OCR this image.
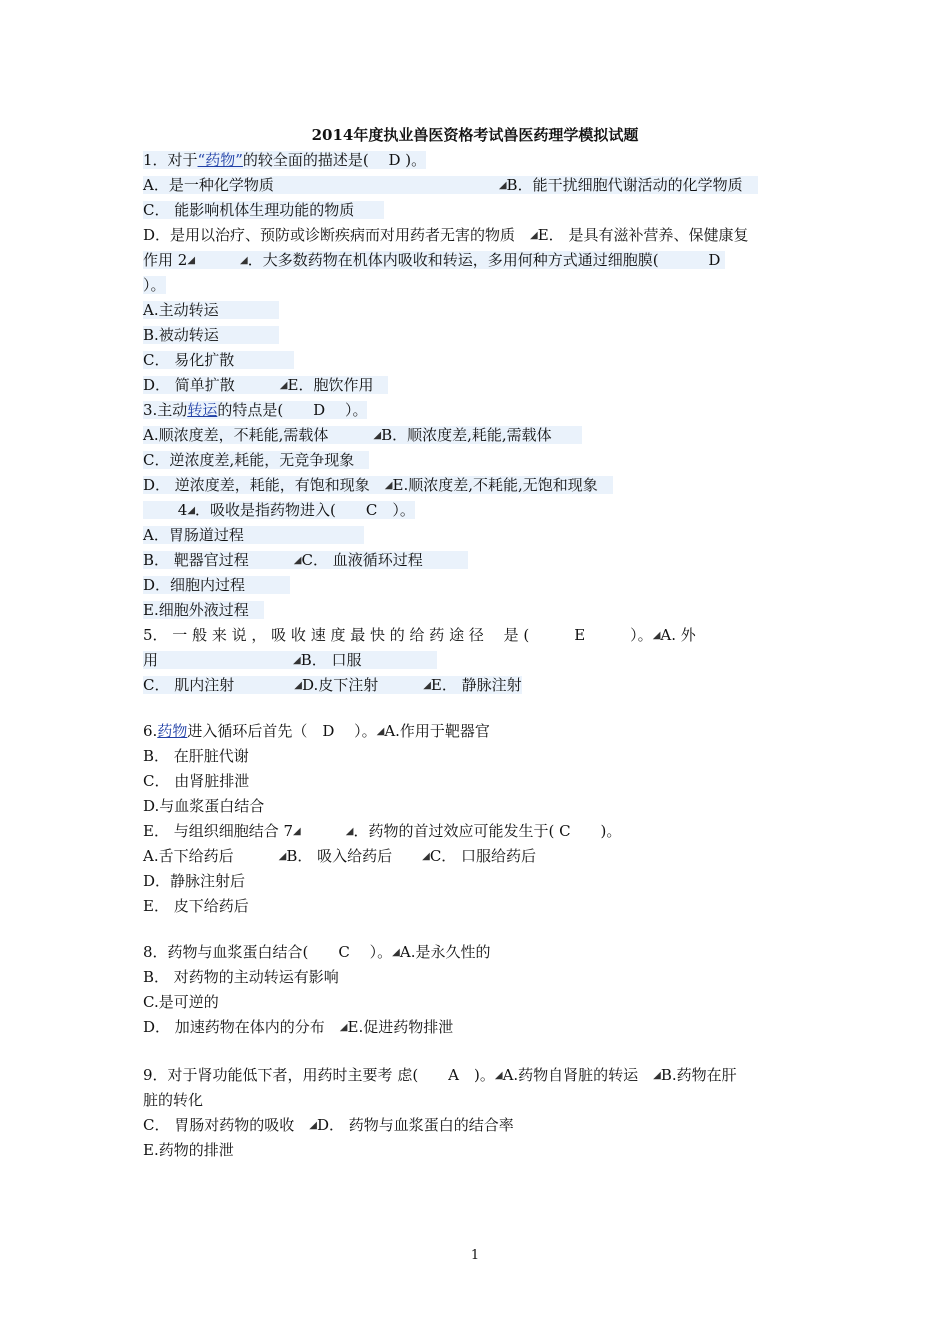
2014年度执业兽医资格考试兽医药理学模拟试题
1．对于“药物”的较全面的描述是(　 D )。
A．是一种化学物质　　　　　　　　　　　　　　　◢B．能干扰细胞代谢活动的化学物质　
C． 能影响机体生理功能的物质　　
D．是用以治疗、预防或诊断疾病而对用药者无害的物质　◢E． 是具有滋补营养、保健康复
作用 2◢　　　	◢．大多数药物在机体内吸收和转运，多用何种方式通过细胞膜(　　　 D
）。
A.主动转运　　　　
B.被动转运　　　　
C． 易化扩散　　　　
D． 简单扩散　　　◢E．胞饮作用　
3.主动转运的特点是(　　D　 ）。
A.顺浓度差，不耗能,需载体　　　◢B．顺浓度差,耗能,需载体　　
C．逆浓度差,耗能，无竞争现象　
D． 逆浓度差，耗能，有饱和现象　◢E.顺浓度差,不耗能,无饱和现象　
　　 4◢．吸收是指药物进入(　　C　）。
A．胃肠道过程　　　　　　　　
B． 靶器官过程　　　◢C． 血液循环过程　　　
D．细胞内过程　　　
E.细胞外液过程　
5． 一 般 来 说 ， 吸 收 速 度 最 快 的 给 药 途 径　 是 (　　　E　　　）。◢A. 外
用　　　　　　　　　◢B． 口服　　　　　
C． 肌内注射　　　　◢D.皮下注射　　　◢E． 静脉注射
6.药物进入循环后首先（　D　 ）。◢A.作用于靶器官
B． 在肝脏代谢
C． 由肾脏排泄
D.与血浆蛋白结合
E． 与组织细胞结合 7◢　　　	◢．药物的首过效应可能发生于( C　　)。
A.舌下给药后　　　◢B． 吸入给药后　　◢C． 口服给药后
D．静脉注射后
E． 皮下给药后
8．药物与血浆蛋白结合(　　C　 ）。◢A.是永久性的
B． 对药物的主动转运有影响
C.是可逆的
D． 加速药物在体内的分布　◢E.促进药物排泄
9．对于肾功能低下者，用药时主要考 虑(　　A　)。◢A.药物自肾脏的转运　◢B.药物在肝
脏的转化
C． 胃肠对药物的吸收　◢D． 药物与血浆蛋白的结合率
E.药物的排泄
1
